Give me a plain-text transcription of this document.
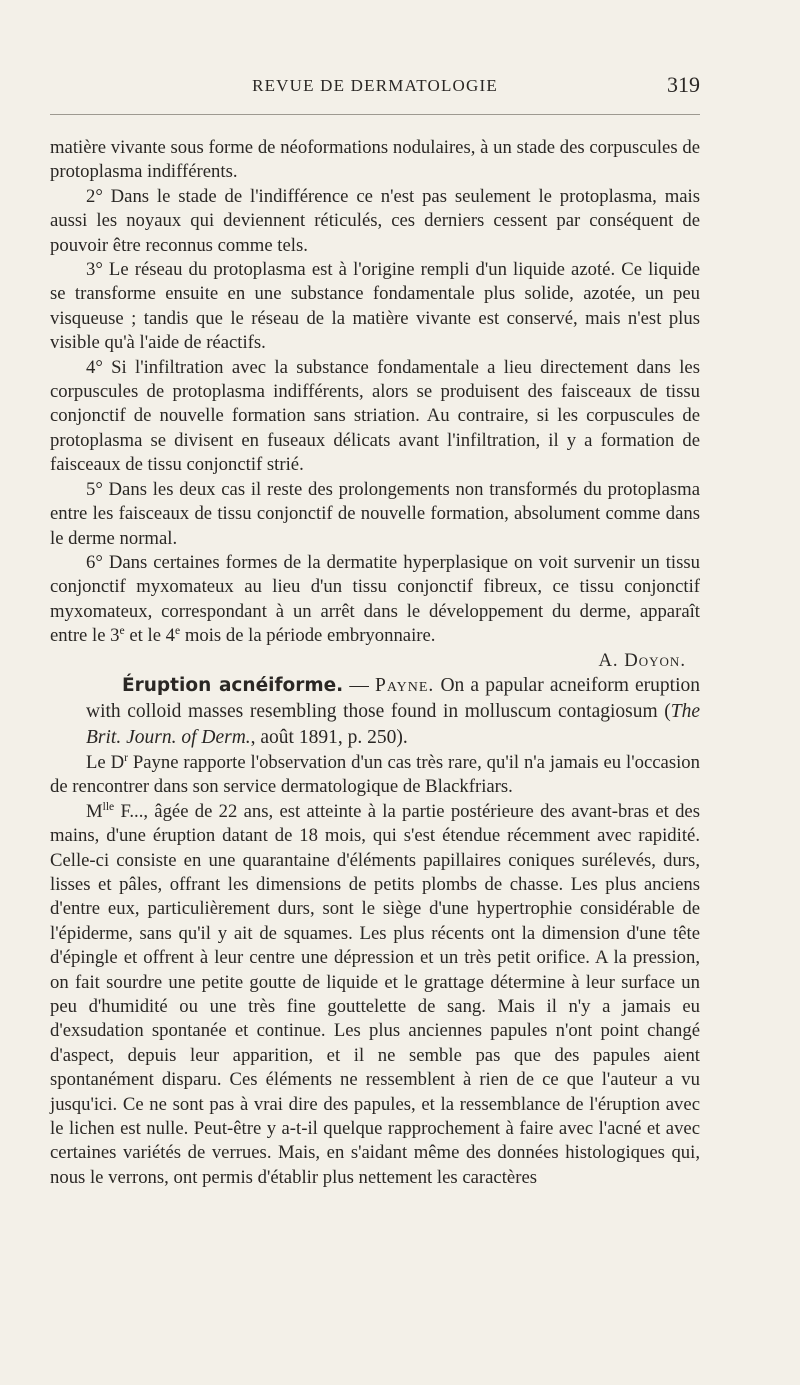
REVUE DE DERMATOLOGIE	319

matière vivante sous forme de néoformations nodulaires, à un stade des corpuscules de protoplasma indifférents.

2° Dans le stade de l'indifférence ce n'est pas seulement le protoplasma, mais aussi les noyaux qui deviennent réticulés, ces derniers cessent par conséquent de pouvoir être reconnus comme tels.

3° Le réseau du protoplasma est à l'origine rempli d'un liquide azoté. Ce liquide se transforme ensuite en une substance fondamentale plus solide, azotée, un peu visqueuse ; tandis que le réseau de la matière vivante est conservé, mais n'est plus visible qu'à l'aide de réactifs.

4° Si l'infiltration avec la substance fondamentale a lieu directement dans les corpuscules de protoplasma indifférents, alors se produisent des faisceaux de tissu conjonctif de nouvelle formation sans striation. Au contraire, si les corpuscules de protoplasma se divisent en fuseaux délicats avant l'infiltration, il y a formation de faisceaux de tissu conjonctif strié.

5° Dans les deux cas il reste des prolongements non transformés du protoplasma entre les faisceaux de tissu conjonctif de nouvelle formation, absolument comme dans le derme normal.

6° Dans certaines formes de la dermatite hyperplasique on voit survenir un tissu conjonctif myxomateux au lieu d'un tissu conjonctif fibreux, ce tissu conjonctif myxomateux, correspondant à un arrêt dans le développement du derme, apparaît entre le 3e et le 4e mois de la période embryonnaire.

A. Doyon.

Éruption acnéiforme. — Payne. On a papular acneiform eruption with colloid masses resembling those found in molluscum contagiosum (The Brit. Journ. of Derm., août 1891, p. 250).

Le $D^r$ Payne rapporte l'observation d'un cas très rare, qu'il n'a jamais eu l'occasion de rencontrer dans son service dermatologique de Blackfriars.

$M^{lle}$ F..., âgée de 22 ans, est atteinte à la partie postérieure des avant-bras et des mains, d'une éruption datant de 18 mois, qui s'est étendue récemment avec rapidité. Celle-ci consiste en une quarantaine d'éléments papillaires coniques surélevés, durs, lisses et pâles, offrant les dimensions de petits plombs de chasse. Les plus anciens d'entre eux, particulièrement durs, sont le siège d'une hypertrophie considérable de l'épiderme, sans qu'il y ait de squames. Les plus récents ont la dimension d'une tête d'épingle et offrent à leur centre une dépression et un très petit orifice. A la pression, on fait sourdre une petite goutte de liquide et le grattage détermine à leur surface un peu d'humidité ou une très fine gouttelette de sang. Mais il n'y a jamais eu d'exsudation spontanée et continue. Les plus anciennes papules n'ont point changé d'aspect, depuis leur apparition, et il ne semble pas que des papules aient spontanément disparu. Ces éléments ne ressemblent à rien de ce que l'auteur a vu jusqu'ici. Ce ne sont pas à vrai dire des papules, et la ressemblance de l'éruption avec le lichen est nulle. Peut-être y a-t-il quelque rapprochement à faire avec l'acné et avec certaines variétés de verrues. Mais, en s'aidant même des données histologiques qui, nous le verrons, ont permis d'établir plus nettement les caractères
